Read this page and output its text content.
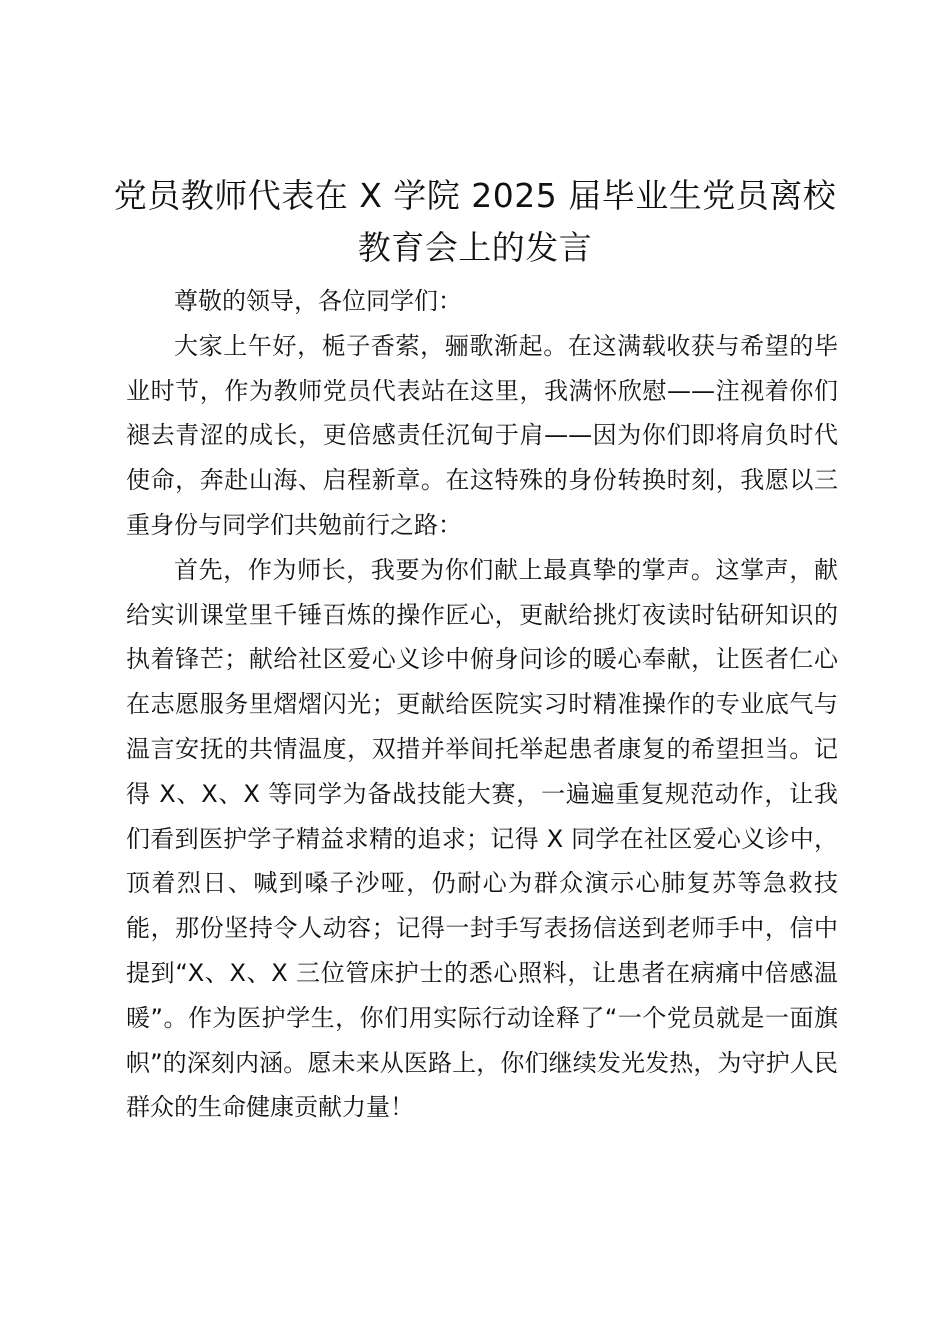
党员教师代表在 X 学院 2025 届毕业生党员离校教育会上的发言

尊敬的领导，各位同学们：

大家上午好，栀子香萦，骊歌渐起。在这满载收获与希望的毕业时节，作为教师党员代表站在这里，我满怀欣慰——注视着你们褪去青涩的成长，更倍感责任沉甸于肩——因为你们即将肩负时代使命，奔赴山海、启程新章。在这特殊的身份转换时刻，我愿以三重身份与同学们共勉前行之路：

首先，作为师长，我要为你们献上最真挚的掌声。这掌声，献给实训课堂里千锤百炼的操作匠心，更献给挑灯夜读时钻研知识的执着锋芒；献给社区爱心义诊中俯身问诊的暖心奉献，让医者仁心在志愿服务里熠熠闪光；更献给医院实习时精准操作的专业底气与温言安抚的共情温度，双措并举间托举起患者康复的希望担当。记得 X、X、X 等同学为备战技能大赛，一遍遍重复规范动作，让我们看到医护学子精益求精的追求；记得 X 同学在社区爱心义诊中，顶着烈日、喊到嗓子沙哑，仍耐心为群众演示心肺复苏等急救技能，那份坚持令人动容；记得一封手写表扬信送到老师手中，信中提到“X、X、X 三位管床护士的悉心照料，让患者在病痛中倍感温暖”。作为医护学生，你们用实际行动诠释了“一个党员就是一面旗帜”的深刻内涵。愿未来从医路上，你们继续发光发热，为守护人民群众的生命健康贡献力量！
